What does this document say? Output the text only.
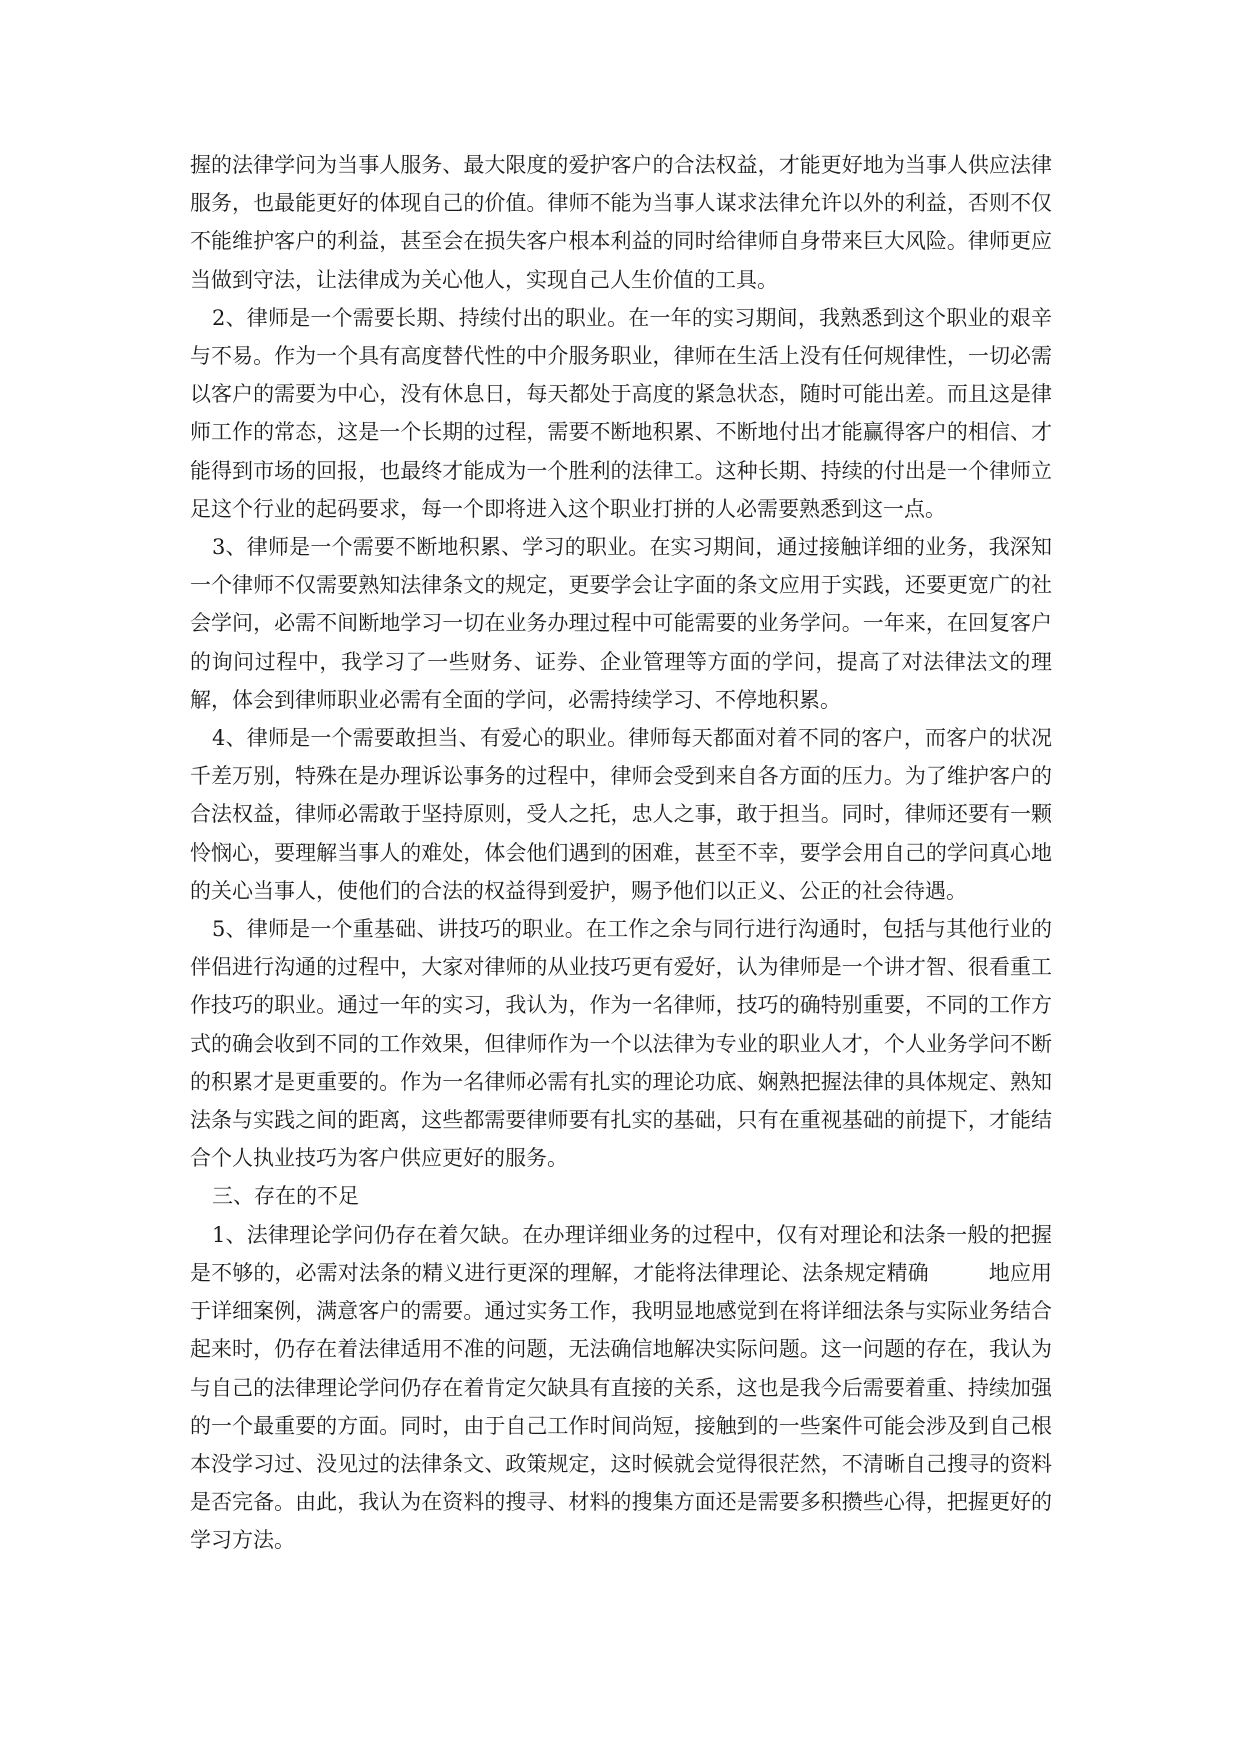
握的法律学问为当事人服务、最大限度的爱护客户的合法权益，才能更好地为当事人供应法律服务，也最能更好的体现自己的价值。律师不能为当事人谋求法律允许以外的利益，否则不仅不能维护客户的利益，甚至会在损失客户根本利益的同时给律师自身带来巨大风险。律师更应当做到守法，让法律成为关心他人，实现自己人生价值的工具。

2、律师是一个需要长期、持续付出的职业。在一年的实习期间，我熟悉到这个职业的艰辛与不易。作为一个具有高度替代性的中介服务职业，律师在生活上没有任何规律性，一切必需以客户的需要为中心，没有休息日，每天都处于高度的紧急状态，随时可能出差。而且这是律师工作的常态，这是一个长期的过程，需要不断地积累、不断地付出才能赢得客户的相信、才能得到市场的回报，也最终才能成为一个胜利的法律工。这种长期、持续的付出是一个律师立足这个行业的起码要求，每一个即将进入这个职业打拼的人必需要熟悉到这一点。

3、律师是一个需要不断地积累、学习的职业。在实习期间，通过接触详细的业务，我深知一个律师不仅需要熟知法律条文的规定，更要学会让字面的条文应用于实践，还要更宽广的社会学问，必需不间断地学习一切在业务办理过程中可能需要的业务学问。一年来，在回复客户的询问过程中，我学习了一些财务、证券、企业管理等方面的学问，提高了对法律法文的理解，体会到律师职业必需有全面的学问，必需持续学习、不停地积累。

4、律师是一个需要敢担当、有爱心的职业。律师每天都面对着不同的客户，而客户的状况千差万别，特殊在是办理诉讼事务的过程中，律师会受到来自各方面的压力。为了维护客户的合法权益，律师必需敢于坚持原则，受人之托，忠人之事，敢于担当。同时，律师还要有一颗怜悯心，要理解当事人的难处，体会他们遇到的困难，甚至不幸，要学会用自己的学问真心地的关心当事人，使他们的合法的权益得到爱护，赐予他们以正义、公正的社会待遇。

5、律师是一个重基础、讲技巧的职业。在工作之余与同行进行沟通时，包括与其他行业的伴侣进行沟通的过程中，大家对律师的从业技巧更有爱好，认为律师是一个讲才智、很看重工作技巧的职业。通过一年的实习，我认为，作为一名律师，技巧的确特别重要，不同的工作方式的确会收到不同的工作效果，但律师作为一个以法律为专业的职业人才，个人业务学问不断的积累才是更重要的。作为一名律师必需有扎实的理论功底、娴熟把握法律的具体规定、熟知法条与实践之间的距离，这些都需要律师要有扎实的基础，只有在重视基础的前提下，才能结合个人执业技巧为客户供应更好的服务。

三、存在的不足

1、法律理论学问仍存在着欠缺。在办理详细业务的过程中，仅有对理论和法条一般的把握是不够的，必需对法条的精义进行更深的理解，才能将法律理论、法条规定精确	地应用于详细案例，满意客户的需要。通过实务工作，我明显地感觉到在将详细法条与实际业务结合起来时，仍存在着法律适用不准的问题，无法确信地解决实际问题。这一问题的存在，我认为与自己的法律理论学问仍存在着肯定欠缺具有直接的关系，这也是我今后需要着重、持续加强的一个最重要的方面。同时，由于自己工作时间尚短，接触到的一些案件可能会涉及到自己根本没学习过、没见过的法律条文、政策规定，这时候就会觉得很茫然，不清晰自己搜寻的资料是否完备。由此，我认为在资料的搜寻、材料的搜集方面还是需要多积攒些心得，把握更好的学习方法。
